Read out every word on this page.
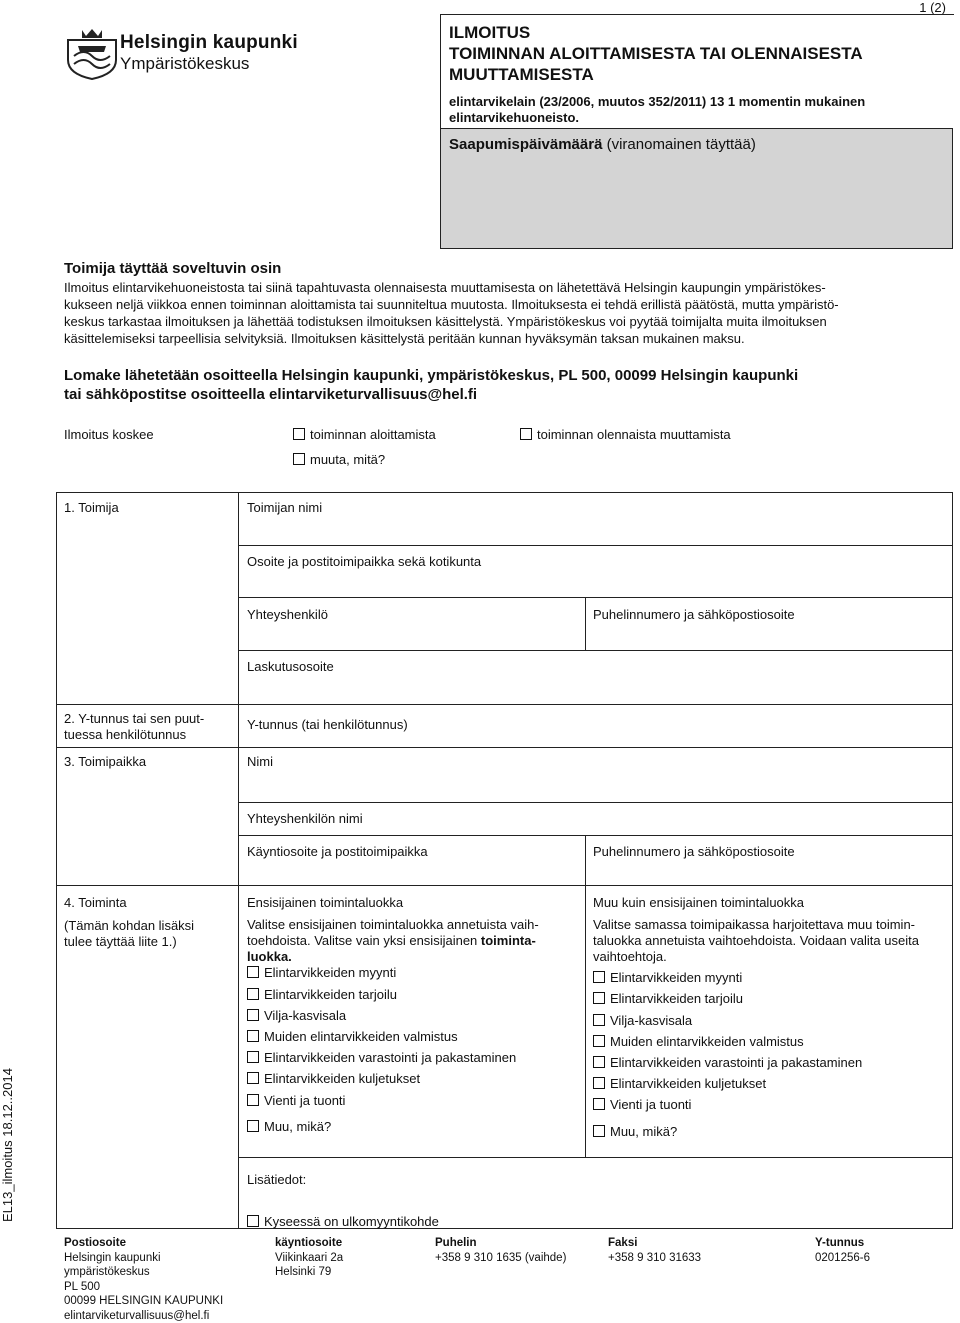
1 (2)
Helsingin kaupunki
Ympäristökeskus
ILMOITUS
TOIMINNAN ALOITTAMISESTA TAI OLENNAISESTA
MUUTTAMISESTA
elintarvikelain (23/2006, muutos 352/2011) 13 1 momentin mukainen
elintarvikehuoneisto.
Saapumispäivämäärä (viranomainen täyttää)
Toimija täyttää soveltuvin osin
Ilmoitus elintarvikehuoneistosta tai siinä tapahtuvasta olennaisesta muuttamisesta on lähetettävä Helsingin kaupungin ympäristökes-
kukseen neljä viikkoa ennen toiminnan aloittamista tai suunniteltua muutosta. Ilmoituksesta ei tehdä erillistä päätöstä, mutta ympäristö-
keskus tarkastaa ilmoituksen ja lähettää todistuksen ilmoituksen käsittelystä. Ympäristökeskus voi pyytää toimijalta muita ilmoituksen
käsittelemiseksi tarpeellisia selvityksiä. Ilmoituksen käsittelystä peritään kunnan hyväksymän taksan mukainen maksu.
Lomake lähetetään osoitteella Helsingin kaupunki, ympäristökeskus, PL 500, 00099 Helsingin kaupunki
tai sähköpostitse osoitteella elintarviketurvallisuus@hel.fi
Ilmoitus koskee	toiminnan aloittamista	toiminnan olennaista muuttamista
muuta, mitä?
1. Toimija	Toimijan nimi
Osoite ja postitoimipaikka sekä kotikunta
Yhteyshenkilö	Puhelinnumero ja sähköpostiosoite
Laskutusosoite
2. Y-tunnus tai sen puut-
tuessa henkilötunnus
Y-tunnus (tai henkilötunnus)
3. Toimipaikka	Nimi
Yhteyshenkilön nimi
Käyntiosoite ja postitoimipaikka	Puhelinnumero ja sähköpostiosoite
4. Toiminta
(Tämän kohdan lisäksi
tulee täyttää liite 1.)
Ensisijainen toimintaluokka
Valitse ensisijainen toimintaluokka annetuista vaih-
toehdoista. Valitse vain yksi ensisijainen toiminta-
luokka.
Elintarvikkeiden myynti
Elintarvikkeiden tarjoilu
Vilja-kasvisala
Muiden elintarvikkeiden valmistus
Elintarvikkeiden varastointi ja pakastaminen
Elintarvikkeiden kuljetukset
Vienti ja tuonti
Muu, mikä?
Muu kuin ensisijainen toimintaluokka
Valitse samassa toimipaikassa harjoitettava muu toimin-
taluokka annetuista vaihtoehdoista. Voidaan valita useita
vaihtoehtoja.
Elintarvikkeiden myynti
Elintarvikkeiden tarjoilu
Vilja-kasvisala
Muiden elintarvikkeiden valmistus
Elintarvikkeiden varastointi ja pakastaminen
Elintarvikkeiden kuljetukset
Vienti ja tuonti
Muu, mikä?
Lisätiedot:
Kyseessä on ulkomyyntikohde
EL13_ilmoitus 18.12..2014
Postiosoite
Helsingin kaupunki
ympäristökeskus
PL 500
00099 HELSINGIN KAUPUNKI
elintarviketurvallisuus@hel.fi
käyntiosoite
Viikinkaari 2a
Helsinki 79
Puhelin
+358 9 310 1635 (vaihde)
Faksi
+358 9 310 31633
Y-tunnus
0201256-6
